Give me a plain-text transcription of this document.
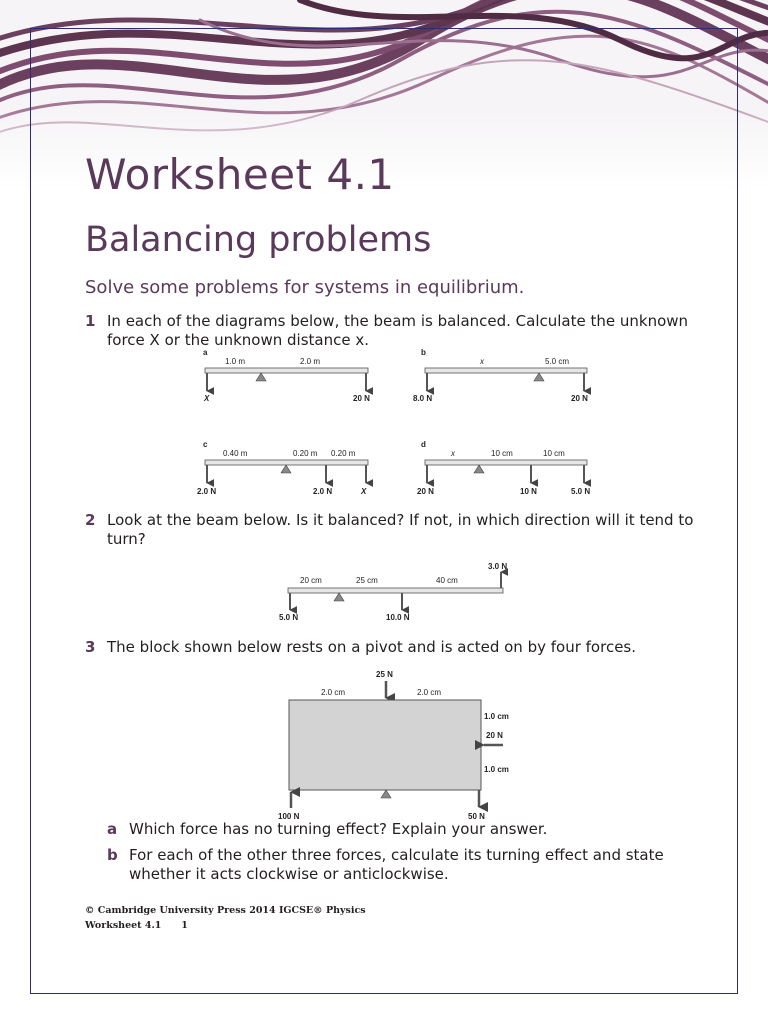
Worksheet 4.1
Balancing problems

Solve some problems for systems in equilibrium.

1 In each of the diagrams below, the beam is balanced. Calculate the unknown force X or the unknown distance x.
a
1.0 m	2.0 m
X	20 N
b
x	5.0 cm
8.0 N	20 N
c
0.40 m	0.20 m 0.20 m
2.0 N	2.0 N	X
d
x	10 cm	10 cm
20 N	10 N	5.0 N
2 Look at the beam below. Is it balanced? If not, in which direction will it tend to turn?
3.0 N
20 cm	25 cm	40 cm
5.0 N	10.0 N
3 The block shown below rests on a pivot and is acted on by four forces.
25 N
2.0 cm	2.0 cm
1.0 cm
20 N
1.0 cm
100 N	50 N
a Which force has no turning effect? Explain your answer.
b For each of the other three forces, calculate its turning effect and state whether it acts clockwise or anticlockwise.
© Cambridge University Press 2014 IGCSE® Physics
Worksheet 4.1 1
